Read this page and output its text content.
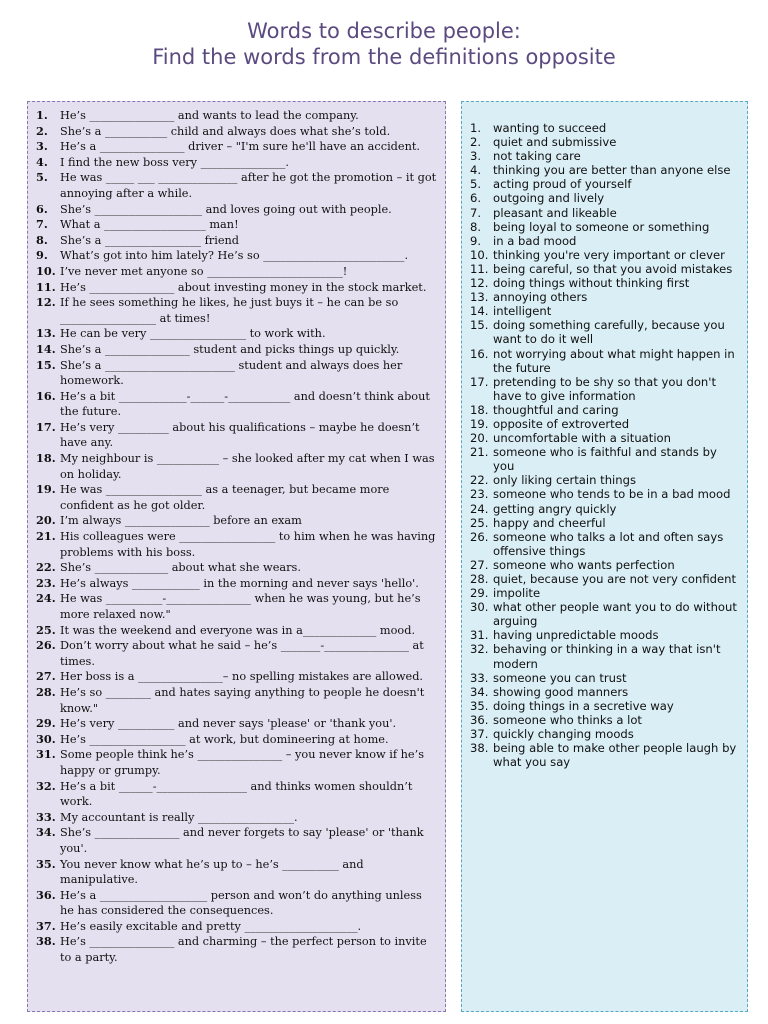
Words to describe people:
Find the words from the definitions opposite
1.	He’s _______________ and wants to lead the company.
2.	She’s a ___________ child and always does what she’s told.
3.	He’s a _______________ driver – "I'm sure he'll have an accident.
4.	I find the new boss very _______________.
5.	He was _____ ___ ______________ after he got the promotion – it got annoying after a while.
6.	She’s ___________________ and loves going out with people.
7.	What a __________________ man!
8.	She’s a _________________ friend
9.	What’s got into him lately? He’s so _________________________.
10. I’ve never met anyone so ________________________!
11. He’s _______________ about investing money in the stock market.
12. If he sees something he likes, he just buys it – he can be so _________________ at times!
13. He can be very _________________ to work with.
14. She’s a _______________ student and picks things up quickly.
15. She’s a _______________________ student and always does her homework.
16. He’s a bit ____________-______-___________ and doesn’t think about the future.
17. He’s very _________ about his qualifications – maybe he doesn’t have any.
18. My neighbour is ___________ – she looked after my cat when I was on holiday.
19. He was _________________ as a teenager, but became more confident as he got older.
20. I’m always _______________ before an exam
21. His colleagues were _________________ to him when he was having problems with his boss.
22. She’s _____________ about what she wears.
23. He’s always ____________ in the morning and never says 'hello'.
24. He was __________-_______________ when he was young, but he’s more relaxed now."
25. It was the weekend and everyone was in a_____________ mood.
26. Don’t worry about what he said – he’s _______-_______________ at times.
27. Her boss is a _______________– no spelling mistakes are allowed.
28. He’s so ________ and hates saying anything to people he doesn't know."
29. He’s very __________ and never says 'please' or 'thank you'.
30. He’s _________________ at work, but domineering at home.
31. Some people think he’s _______________ – you never know if he’s happy or grumpy.
32. He’s a bit ______-________________ and thinks women shouldn’t work.
33. My accountant is really _________________.
34. She’s _______________ and never forgets to say 'please' or 'thank you'.
35. You never know what he’s up to – he’s __________ and manipulative.
36. He’s a ___________________ person and won’t do anything unless he has considered the consequences.
37. He’s easily excitable and pretty ____________________.
38. He’s _______________ and charming – the perfect person to invite to a party.
1.	wanting to succeed
2.	quiet and submissive
3.	not taking care
4.	thinking you are better than anyone else
5.	acting proud of yourself
6.	outgoing and lively
7.	pleasant and likeable
8.	being loyal to someone or something
9.	in a bad mood
10. thinking you're very important or clever
11. being careful, so that you avoid mistakes
12. doing things without thinking first
13. annoying others
14. intelligent
15. doing something carefully, because you want to do it well
16. not worrying about what might happen in the future
17. pretending to be shy so that you don't have to give information
18. thoughtful and caring
19. opposite of extroverted
20. uncomfortable with a situation
21. someone who is faithful and stands by you
22. only liking certain things
23. someone who tends to be in a bad mood
24. getting angry quickly
25. happy and cheerful
26. someone who talks a lot and often says offensive things
27. someone who wants perfection
28. quiet, because you are not very confident
29. impolite
30. what other people want you to do without arguing
31. having unpredictable moods
32. behaving or thinking in a way that isn't modern
33. someone you can trust
34. showing good manners
35. doing things in a secretive way
36. someone who thinks a lot
37. quickly changing moods
38. being able to make other people laugh by what you say
